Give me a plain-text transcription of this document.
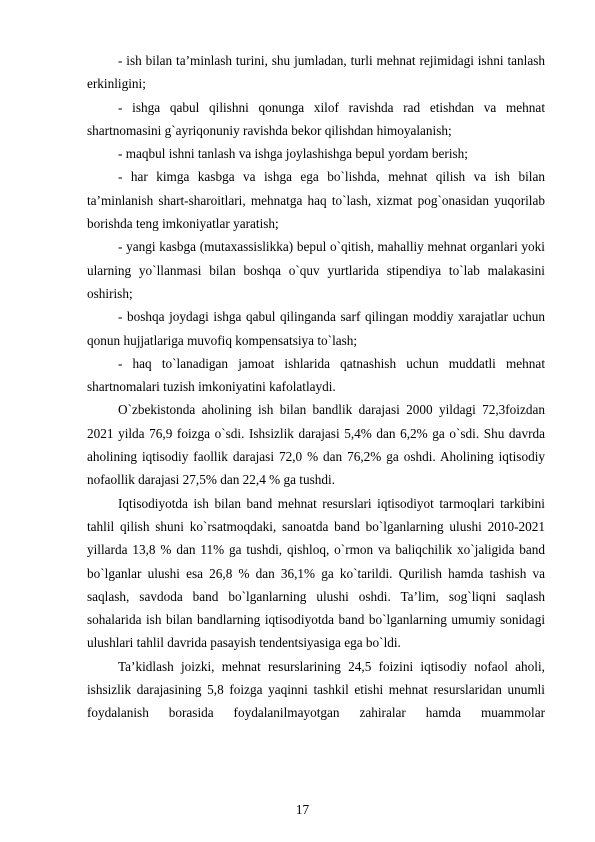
- ish bilan ta’minlash turini, shu jumladan, turli mehnat rejimidagi ishni tanlash erkinligini;

- ishga qabul qilishni qonunga xilof ravishda rad etishdan va mehnat shartnomasini g`ayriqonuniy ravishda bekor qilishdan himoyalanish;

- maqbul ishni tanlash va ishga joylashishga bepul yordam berish;

- har kimga kasbga va ishga ega bo`lishda, mehnat qilish va ish bilan ta’minlanish shart-sharoitlari, mehnatga haq to`lash, xizmat pog`onasidan yuqorilab borishda teng imkoniyatlar yaratish;

- yangi kasbga (mutaxassislikka) bepul o`qitish, mahalliy mehnat organlari yoki ularning yo`llanmasi bilan boshqa o`quv yurtlarida stipendiya to`lab malakasini oshirish;

- boshqa joydagi ishga qabul qilinganda sarf qilingan moddiy xarajatlar uchun qonun hujjatlariga muvofiq kompensatsiya to`lash;

- haq to`lanadigan jamoat ishlarida qatnashish uchun muddatli mehnat shartnomalari tuzish imkoniyatini kafolatlaydi.

O`zbekistonda aholining ish bilan bandlik darajasi 2000 yildagi 72,3foizdan 2021 yilda 76,9 foizga o`sdi. Ishsizlik darajasi 5,4% dan 6,2% ga o`sdi. Shu davrda aholining iqtisodiy faollik darajasi 72,0 % dan 76,2% ga oshdi. Aholining iqtisodiy nofaollik darajasi 27,5% dan 22,4 % ga tushdi.

Iqtisodiyotda ish bilan band mehnat resurslari iqtisodiyot tarmoqlari tarkibini tahlil qilish shuni ko`rsatmoqdaki, sanoatda band bo`lganlarning ulushi 2010-2021 yillarda 13,8 % dan 11% ga tushdi, qishloq, o`rmon va baliqchilik xo`jaligida band bo`lganlar ulushi esa 26,8 % dan 36,1% ga ko`tarildi. Qurilish hamda tashish va saqlash, savdoda band bo`lganlarning ulushi oshdi. Ta’lim, sog`liqni saqlash sohalarida ish bilan bandlarning iqtisodiyotda band bo`lganlarning umumiy sonidagi ulushlari tahlil davrida pasayish tendentsiyasiga ega bo`ldi.

Ta’kidlash joizki, mehnat resurslarining 24,5 foizini iqtisodiy nofaol aholi, ishsizlik darajasining 5,8 foizga yaqinni tashkil etishi mehnat resurslaridan unumli foydalanish borasida foydalanilmayotgan zahiralar hamda muammolar

17
